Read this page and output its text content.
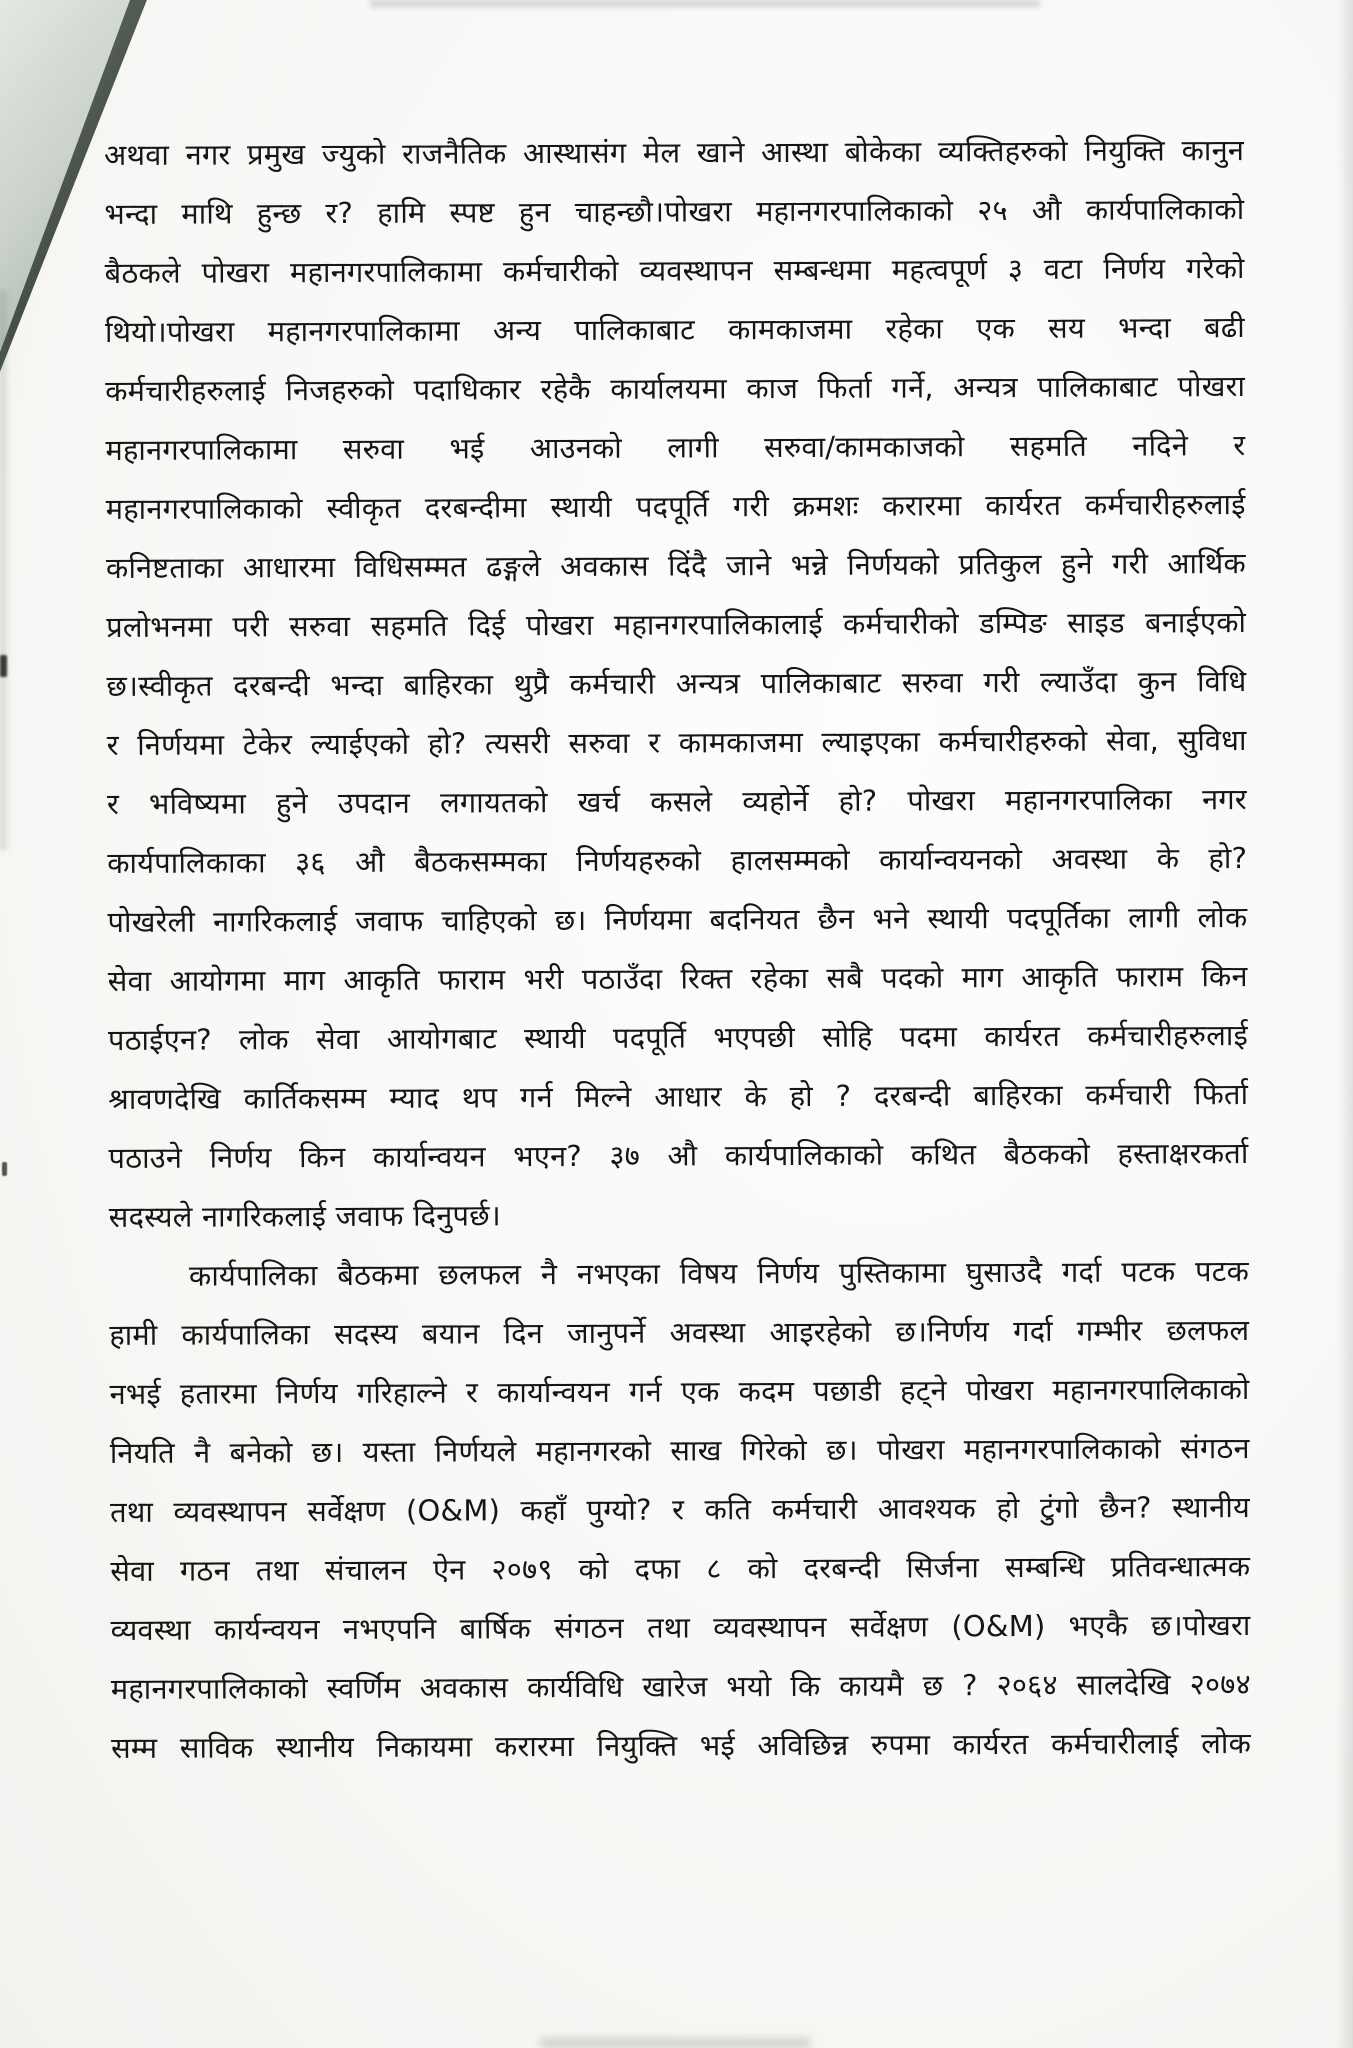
अथवा नगर प्रमुख ज्युको राजनैतिक आस्थासंग मेल खाने आस्था बोकेका व्यक्तिहरुको नियुक्ति कानुन
भन्दा माथि हुन्छ र? हामि स्पष्ट हुन चाहन्छौ।पोखरा महानगरपालिकाको २५ औ कार्यपालिकाको
बैठकले पोखरा महानगरपालिकामा कर्मचारीको व्यवस्थापन सम्बन्धमा महत्वपूर्ण ३ वटा निर्णय गरेको
थियो।पोखरा महानगरपालिकामा अन्य पालिकाबाट कामकाजमा रहेका एक सय भन्दा बढी
कर्मचारीहरुलाई निजहरुको पदाधिकार रहेकै कार्यालयमा काज फिर्ता गर्ने, अन्यत्र पालिकाबाट पोखरा
महानगरपालिकामा सरुवा भई आउनको लागी सरुवा/कामकाजको सहमति नदिने र
महानगरपालिकाको स्वीकृत दरबन्दीमा स्थायी पदपूर्ति गरी क्रमशः करारमा कार्यरत कर्मचारीहरुलाई
कनिष्टताका आधारमा विधिसम्मत ढङ्गले अवकास दिंदै जाने भन्ने निर्णयको प्रतिकुल हुने गरी आर्थिक
प्रलोभनमा परी सरुवा सहमति दिई पोखरा महानगरपालिकालाई कर्मचारीको डम्पिङ साइड बनाईएको
छ।स्वीकृत दरबन्दी भन्दा बाहिरका थुप्रै कर्मचारी अन्यत्र पालिकाबाट सरुवा गरी ल्याउँदा कुन विधि
र निर्णयमा टेकेर ल्याईएको हो? त्यसरी सरुवा र कामकाजमा ल्याइएका कर्मचारीहरुको सेवा, सुविधा
र भविष्यमा हुने उपदान लगायतको खर्च कसले व्यहोर्ने हो? पोखरा महानगरपालिका नगर
कार्यपालिकाका ३६ औ बैठकसम्मका निर्णयहरुको हालसम्मको कार्यान्वयनको अवस्था के हो?
पोखरेली नागरिकलाई जवाफ चाहिएको छ। निर्णयमा बदनियत छैन भने स्थायी पदपूर्तिका लागी लोक
सेवा आयोगमा माग आकृति फाराम भरी पठाउँदा रिक्त रहेका सबै पदको माग आकृति फाराम किन
पठाईएन? लोक सेवा आयोगबाट स्थायी पदपूर्ति भएपछी सोहि पदमा कार्यरत कर्मचारीहरुलाई
श्रावणदेखि कार्तिकसम्म म्याद थप गर्न मिल्ने आधार के हो ? दरबन्दी बाहिरका कर्मचारी फिर्ता
पठाउने निर्णय किन कार्यान्वयन भएन? ३७ औ कार्यपालिकाको कथित बैठकको हस्ताक्षरकर्ता
सदस्यले नागरिकलाई जवाफ दिनुपर्छ।
कार्यपालिका बैठकमा छलफल नै नभएका विषय निर्णय पुस्तिकामा घुसाउदै गर्दा पटक पटक
हामी कार्यपालिका सदस्य बयान दिन जानुपर्ने अवस्था आइरहेको छ।निर्णय गर्दा गम्भीर छलफल
नभई हतारमा निर्णय गरिहाल्ने र कार्यान्वयन गर्न एक कदम पछाडी हट्ने पोखरा महानगरपालिकाको
नियति नै बनेको छ। यस्ता निर्णयले महानगरको साख गिरेको छ। पोखरा महानगरपालिकाको संगठन
तथा व्यवस्थापन सर्वेक्षण (O&M) कहाँ पुग्यो? र कति कर्मचारी आवश्यक हो टुंगो छैन? स्थानीय
सेवा गठन तथा संचालन ऐन २०७९ को दफा ८ को दरबन्दी सिर्जना सम्बन्धि प्रतिवन्धात्मक
व्यवस्था कार्यन्वयन नभएपनि बार्षिक संगठन तथा व्यवस्थापन सर्वेक्षण (O&M) भएकै छ।पोखरा
महानगरपालिकाको स्वर्णिम अवकास कार्यविधि खारेज भयो कि कायमै छ ? २०६४ सालदेखि २०७४
सम्म साविक स्थानीय निकायमा करारमा नियुक्ति भई अविछिन्न रुपमा कार्यरत कर्मचारीलाई लोक
